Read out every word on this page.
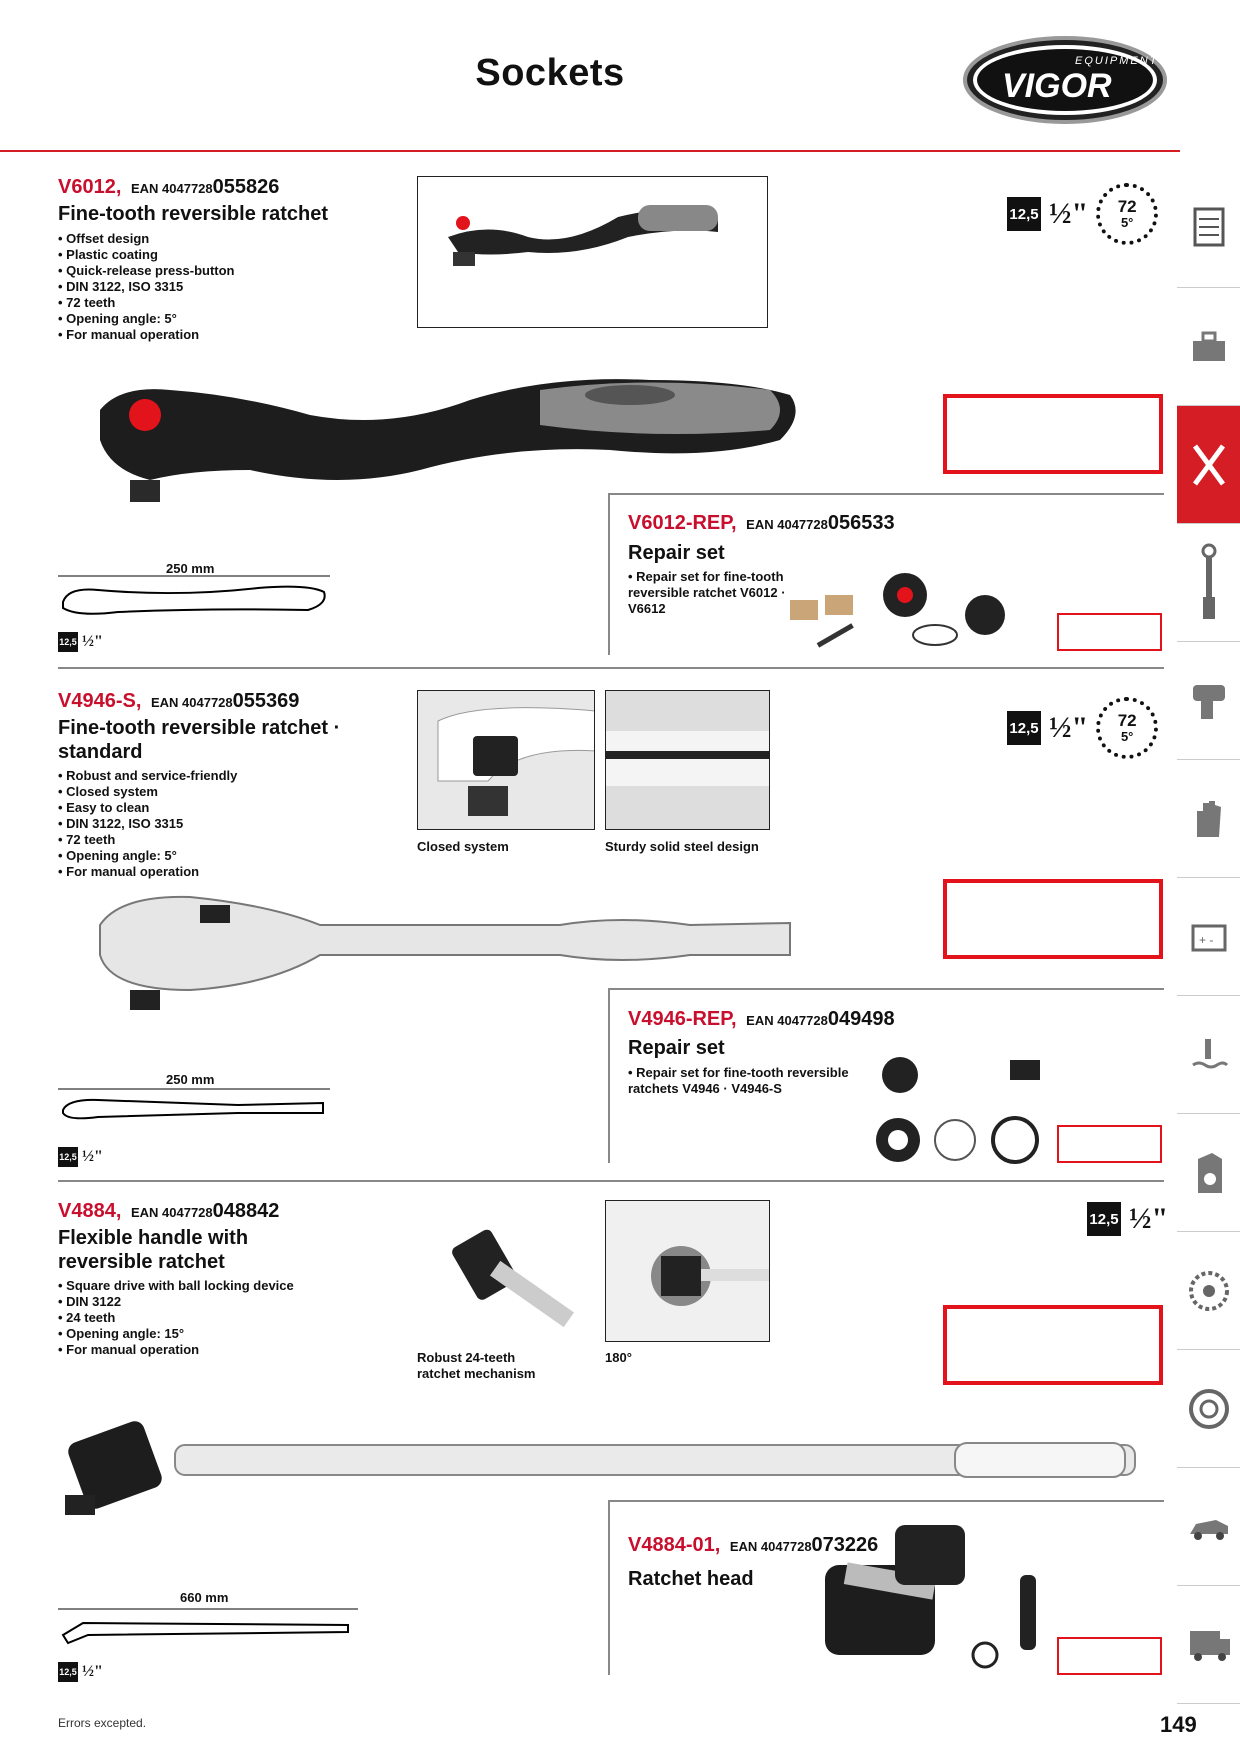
Sockets	EQUIPMENT
VIGOR
V6012, EAN 4047728055826
Fine-tooth reversible ratchet
• Offset design
• Plastic coating
• Quick-release press-button
• DIN 3122, ISO 3315
• 72 teeth
• Opening angle: 5°
• For manual operation
12,5 ½" 72
5°
250 mm
12,5 ½"
V6012-REP, EAN 4047728056533
Repair set
• Repair set for fine-tooth reversible ratchet V6012 · V6612
V4946-S, EAN 4047728055369
Fine-tooth reversible ratchet · standard
• Robust and service-friendly
• Closed system
• Easy to clean
• DIN 3122, ISO 3315
• 72 teeth
• Opening angle: 5°
• For manual operation
Closed system	Sturdy solid steel design
12,5 ½" 72
5°
250 mm
12,5 ½"
V4946-REP, EAN 4047728049498
Repair set
• Repair set for fine-tooth reversible ratchets V4946 · V4946-S
V4884, EAN 4047728048842
Flexible handle with reversible ratchet
• Square drive with ball locking device
• DIN 3122
• 24 teeth
• Opening angle: 15°
• For manual operation
Robust 24-teeth ratchet mechanism
180°
12,5 ½"
660 mm
12,5 ½"
V4884-01, EAN 4047728073226
Ratchet head
+ -
Errors excepted.	149
